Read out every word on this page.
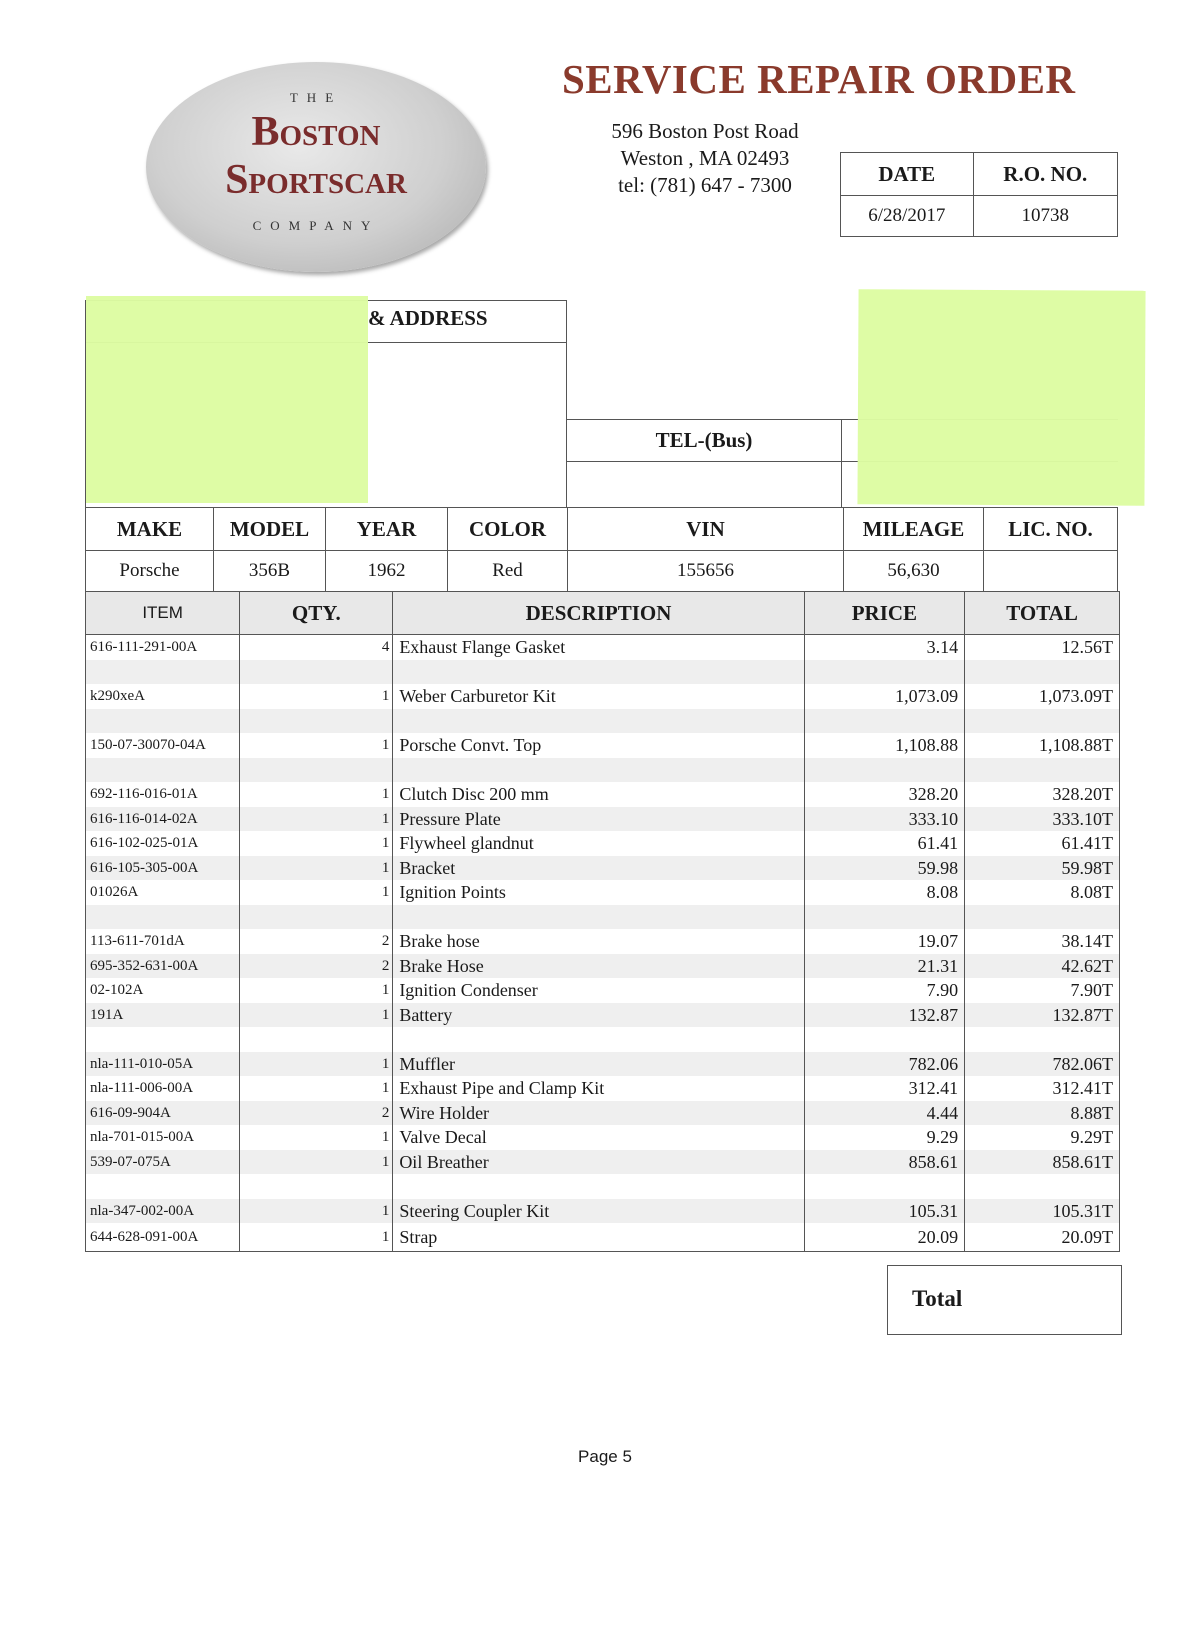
THE
Boston
Sportscar
COMPANY
SERVICE REPAIR ORDER
596 Boston Post Road
Weston , MA 02493
tel: (781) 647 - 7300	DATE	R.O. NO.
6/28/2017	10738
& ADDRESS
TEL-(Bus)
MAKE	MODEL	YEAR	COLOR	VIN	MILEAGE	LIC. NO.
Porsche	356B	1962	Red	155656	56,630	
ITEM	QTY.	DESCRIPTION	PRICE	TOTAL
616-111-291-00A	4	Exhaust Flange Gasket	3.14	12.56T

k290xeA	1	Weber Carburetor Kit	1,073.09	1,073.09T

150-07-30070-04A	1	Porsche Convt. Top	1,108.88	1,108.88T

692-116-016-01A	1	Clutch Disc 200 mm	328.20	328.20T
616-116-014-02A	1	Pressure Plate	333.10	333.10T
616-102-025-01A	1	Flywheel glandnut	61.41	61.41T
616-105-305-00A	1	Bracket	59.98	59.98T
01026A	1	Ignition Points	8.08	8.08T

113-611-701dA	2	Brake hose	19.07	38.14T
695-352-631-00A	2	Brake Hose	21.31	42.62T
02-102A	1	Ignition Condenser	7.90	7.90T
191A	1	Battery	132.87	132.87T

nla-111-010-05A	1	Muffler	782.06	782.06T
nla-111-006-00A	1	Exhaust Pipe and Clamp Kit	312.41	312.41T
616-09-904A	2	Wire Holder	4.44	8.88T
nla-701-015-00A	1	Valve Decal	9.29	9.29T
539-07-075A	1	Oil Breather	858.61	858.61T

nla-347-002-00A	1	Steering Coupler Kit	105.31	105.31T
644-628-091-00A	1	Strap	20.09	20.09T
Total
Page 5
